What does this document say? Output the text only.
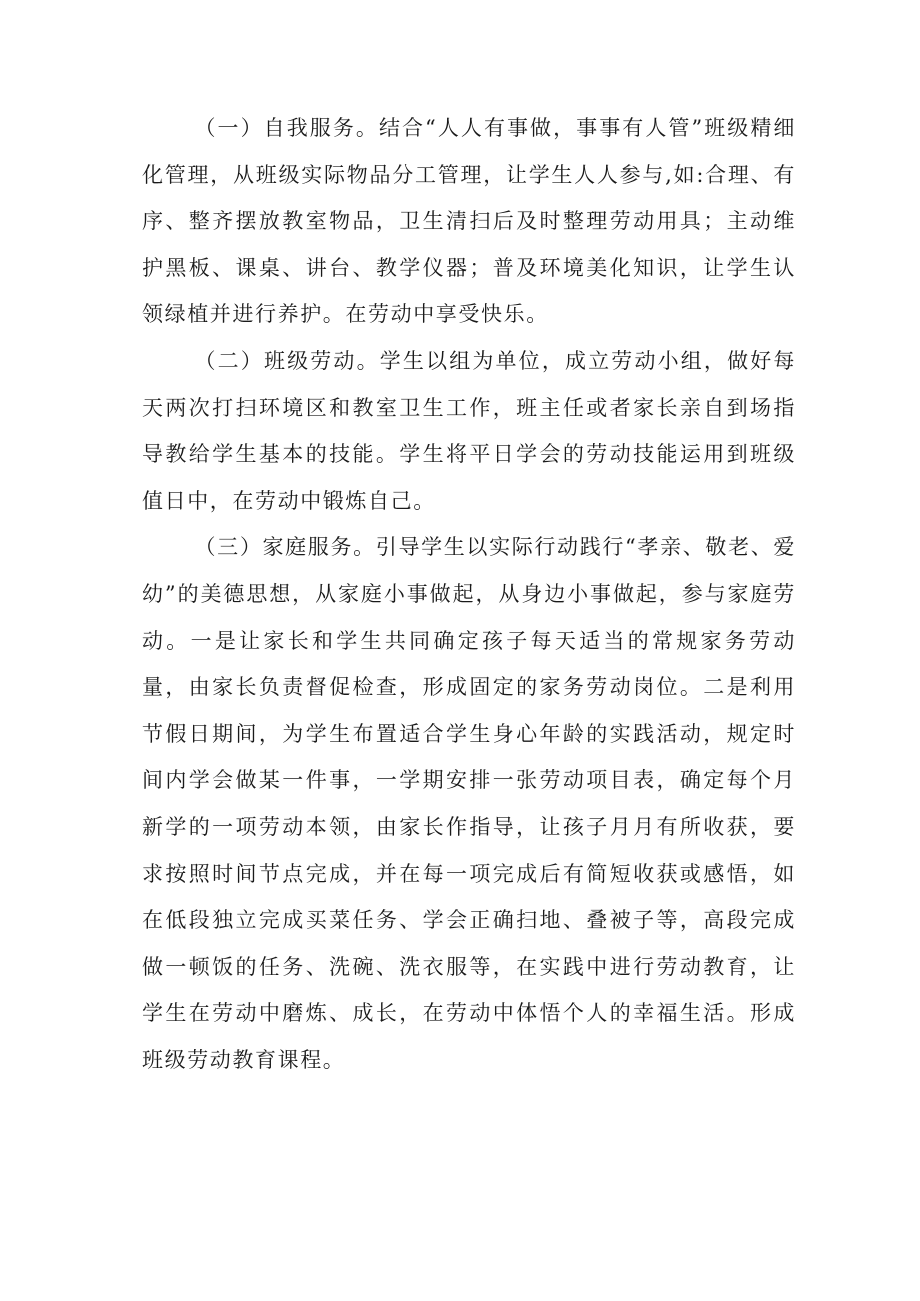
（一）自我服务。结合“人人有事做，事事有人管”班级精细化管理，从班级实际物品分工管理，让学生人人参与,如:合理、有序、整齐摆放教室物品，卫生清扫后及时整理劳动用具；主动维护黑板、课桌、讲台、教学仪器；普及环境美化知识，让学生认领绿植并进行养护。在劳动中享受快乐。

（二）班级劳动。学生以组为单位，成立劳动小组，做好每天两次打扫环境区和教室卫生工作，班主任或者家长亲自到场指导教给学生基本的技能。学生将平日学会的劳动技能运用到班级值日中，在劳动中锻炼自己。

（三）家庭服务。引导学生以实际行动践行“孝亲、敬老、爱幼”的美德思想，从家庭小事做起，从身边小事做起，参与家庭劳动。一是让家长和学生共同确定孩子每天适当的常规家务劳动量，由家长负责督促检查，形成固定的家务劳动岗位。二是利用节假日期间，为学生布置适合学生身心年龄的实践活动，规定时间内学会做某一件事，一学期安排一张劳动项目表，确定每个月新学的一项劳动本领，由家长作指导，让孩子月月有所收获，要求按照时间节点完成，并在每一项完成后有简短收获或感悟，如在低段独立完成买菜任务、学会正确扫地、叠被子等，高段完成做一顿饭的任务、洗碗、洗衣服等，在实践中进行劳动教育，让学生在劳动中磨炼、成长，在劳动中体悟个人的幸福生活。形成班级劳动教育课程。
